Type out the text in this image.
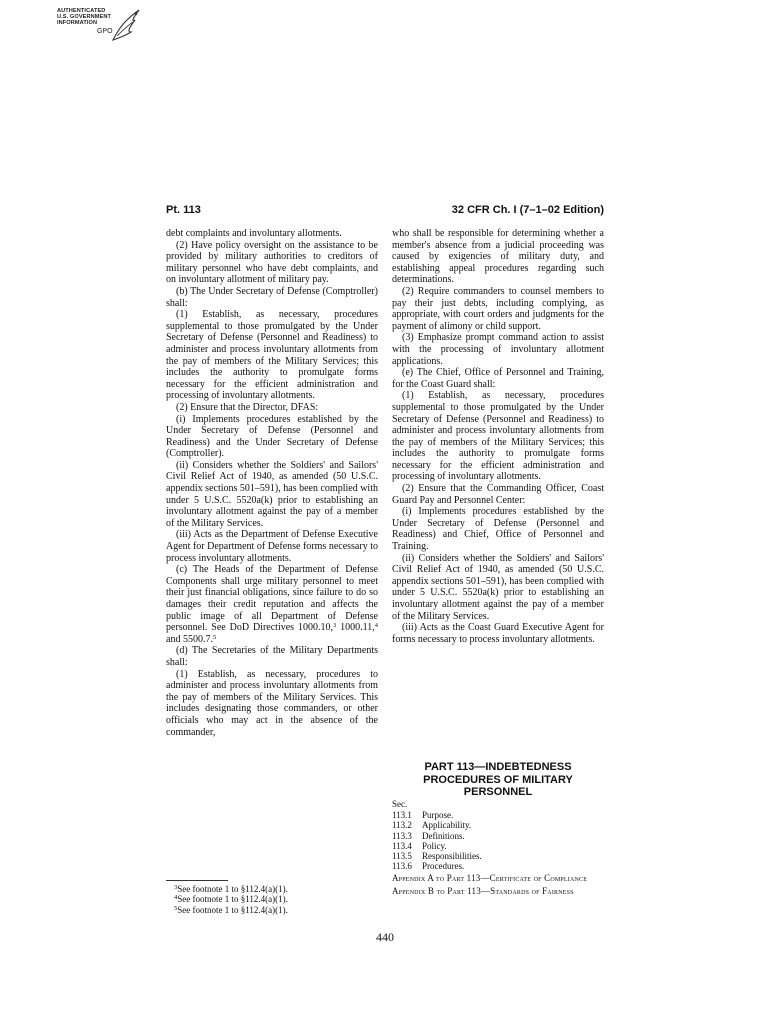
AUTHENTICATED
U.S. GOVERNMENT
INFORMATION
GPO
Pt. 113	32 CFR Ch. I (7–1–02 Edition)

debt complaints and involuntary allotments.

(2) Have policy oversight on the assistance to be provided by military authorities to creditors of military personnel who have debt complaints, and on involuntary allotment of military pay.

(b) The Under Secretary of Defense (Comptroller) shall:

(1) Establish, as necessary, procedures supplemental to those promulgated by the Under Secretary of Defense (Personnel and Readiness) to administer and process involuntary allotments from the pay of members of the Military Services; this includes the authority to promulgate forms necessary for the efficient administration and processing of involuntary allotments.

(2) Ensure that the Director, DFAS:

(i) Implements procedures established by the Under Secretary of Defense (Personnel and Readiness) and the Under Secretary of Defense (Comptroller).

(ii) Considers whether the Soldiers' and Sailors' Civil Relief Act of 1940, as amended (50 U.S.C. appendix sections 501–591), has been complied with under 5 U.S.C. 5520a(k) prior to establishing an involuntary allotment against the pay of a member of the Military Services.

(iii) Acts as the Department of Defense Executive Agent for Department of Defense forms necessary to process involuntary allotments.

(c) The Heads of the Department of Defense Components shall urge military personnel to meet their just financial obligations, since failure to do so damages their credit reputation and affects the public image of all Department of Defense personnel. See DoD Directives 1000.10,$^3$ 1000.11,$^4$ and 5500.7.$^5$

(d) The Secretaries of the Military Departments shall:

(1) Establish, as necessary, procedures to administer and process involuntary allotments from the pay of members of the Military Services. This includes designating those commanders, or other officials who may act in the absence of the commander,

$^3$See footnote 1 to §112.4(a)(1).
$^4$See footnote 1 to §112.4(a)(1).
$^5$See footnote 1 to §112.4(a)(1).

who shall be responsible for determining whether a member's absence from a judicial proceeding was caused by exigencies of military duty, and establishing appeal procedures regarding such determinations.

(2) Require commanders to counsel members to pay their just debts, including complying, as appropriate, with court orders and judgments for the payment of alimony or child support.

(3) Emphasize prompt command action to assist with the processing of involuntary allotment applications.

(e) The Chief, Office of Personnel and Training, for the Coast Guard shall:

(1) Establish, as necessary, procedures supplemental to those promulgated by the Under Secretary of Defense (Personnel and Readiness) to administer and process involuntary allotments from the pay of members of the Military Services; this includes the authority to promulgate forms necessary for the efficient administration and processing of involuntary allotments.

(2) Ensure that the Commanding Officer, Coast Guard Pay and Personnel Center:

(i) Implements procedures established by the Under Secretary of Defense (Personnel and Readiness) and Chief, Office of Personnel and Training.

(ii) Considers whether the Soldiers' and Sailors' Civil Relief Act of 1940, as amended (50 U.S.C. appendix sections 501–591), has been complied with under 5 U.S.C. 5520a(k) prior to establishing an involuntary allotment against the pay of a member of the Military Services.

(iii) Acts as the Coast Guard Executive Agent for forms necessary to process involuntary allotments.

PART 113—INDEBTEDNESS PROCEDURES OF MILITARY PERSONNEL
Sec.
113.1	Purpose.
113.2	Applicability.
113.3	Definitions.
113.4	Policy.
113.5	Responsibilities.
113.6	Procedures.
Appendix A to Part 113—Certificate of Compliance
Appendix B to Part 113—Standards of Fairness
440
